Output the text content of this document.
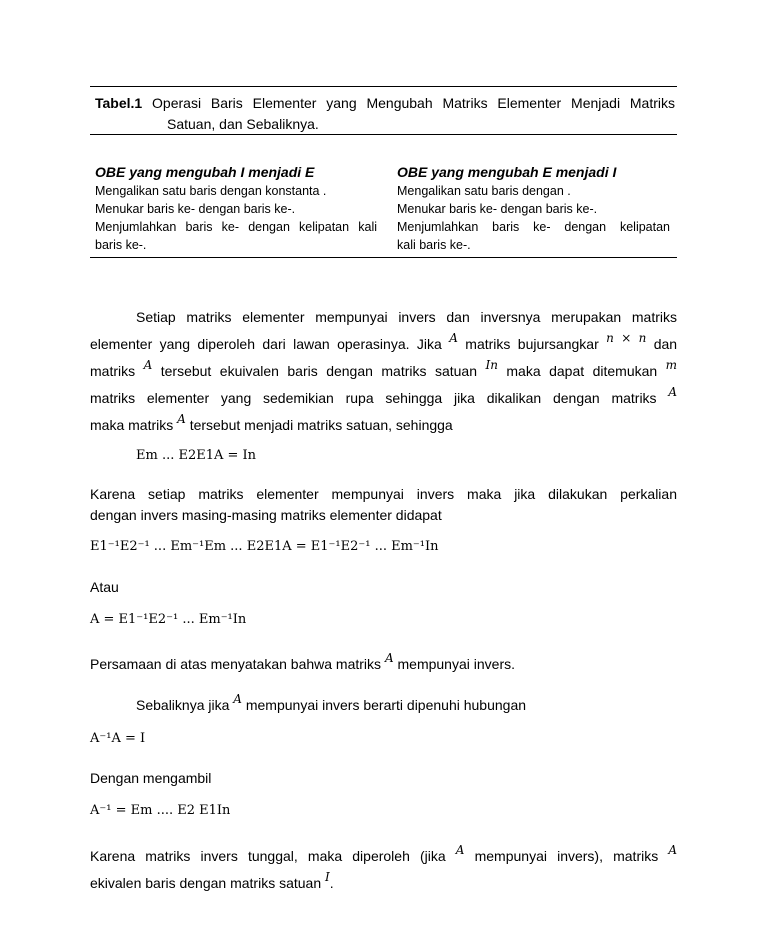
Tabel.1 Operasi Baris Elementer yang Mengubah Matriks Elementer Menjadi Matriks
Satuan, dan Sebaliknya.
OBE yang mengubah I menjadi E
Mengalikan satu baris dengan konstanta .
Menukar baris ke- dengan baris ke-.
Menjumlahkan baris ke- dengan kelipatan kali
baris ke-.
OBE yang mengubah E menjadi I
Mengalikan satu baris dengan .
Menukar baris ke- dengan baris ke-.
Menjumlahkan baris ke- dengan kelipatan
kali baris ke-.
Setiap matriks elementer mempunyai invers dan inversnya merupakan matriks
elementer yang diperoleh dari lawan operasinya. Jika A matriks bujursangkar n × n dan
matriks A tersebut ekuivalen baris dengan matriks satuan In maka dapat ditemukan m
matriks elementer yang sedemikian rupa sehingga jika dikalikan dengan matriks A
maka matriks A tersebut menjadi matriks satuan, sehingga
Em ... E2E1A = In
Karena setiap matriks elementer mempunyai invers maka jika dilakukan perkalian
dengan invers masing-masing matriks elementer didapat
E1⁻¹E2⁻¹ ... Em⁻¹Em ... E2E1A = E1⁻¹E2⁻¹ ... Em⁻¹In
Atau
A = E1⁻¹E2⁻¹ ... Em⁻¹In
Persamaan di atas menyatakan bahwa matriks A mempunyai invers.
Sebaliknya jika A mempunyai invers berarti dipenuhi hubungan
A⁻¹A = I
Dengan mengambil
A⁻¹ = Em .... E2 E1In
Karena matriks invers tunggal, maka diperoleh (jika A mempunyai invers), matriks A
ekivalen baris dengan matriks satuan I.
